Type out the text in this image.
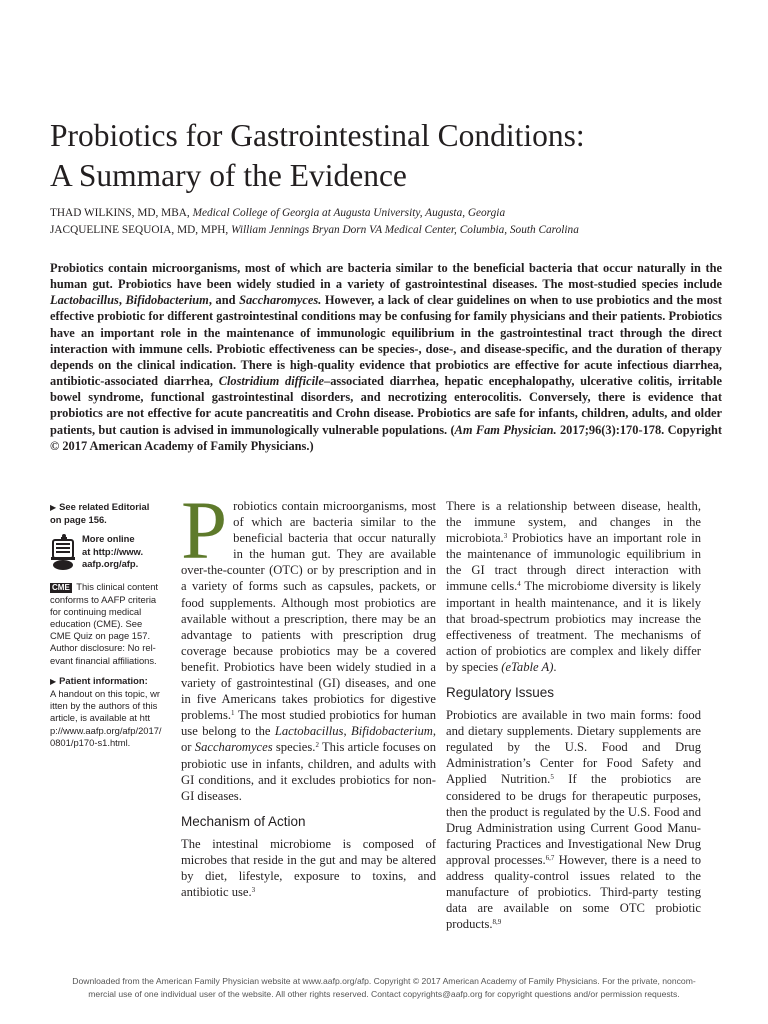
Probiotics for Gastrointestinal Conditions:
A Summary of the Evidence
THAD WILKINS, MD, MBA, Medical College of Georgia at Augusta University, Augusta, Georgia
JACQUELINE SEQUOIA, MD, MPH, William Jennings Bryan Dorn VA Medical Center, Columbia, South Carolina

Probiotics contain microorganisms, most of which are bacteria similar to the beneficial bacteria that occur naturally in the human gut. Probiotics have been widely studied in a variety of gastrointestinal diseases. The most-studied species include Lactobacillus, Bifidobacterium, and Saccharomyces. However, a lack of clear guidelines on when to use probiotics and the most effective probiotic for different gastrointestinal conditions may be confusing for family physicians and their patients. Probiotics have an important role in the maintenance of immunologic equilibrium in the gastrointestinal tract through the direct interaction with immune cells. Probiotic effectiveness can be species-, dose-, and disease-specific, and the duration of therapy depends on the clinical indication. There is high-quality evidence that probiotics are effective for acute infectious diarrhea, antibiotic-associated diarrhea, Clostridium difficile–associated diarrhea, hepatic encephalopathy, ulcerative colitis, irritable bowel syndrome, functional gastrointestinal disorders, and necrotizing enterocolitis. Conversely, there is evidence that probiotics are not effective for acute pancreatitis and Crohn disease. Probiotics are safe for infants, children, adults, and older patients, but caution is advised in immunologically vulnerable populations. (Am Fam Physician. 2017;96(3):170-178. Copyright © 2017 American Academy of Family Physicians.)

▶ See related Editorial on page 156.
More online
at http://www.
aafp.org/afp.
CME This clinical content conforms to AAFP criteria for continuing medical education (CME). See CME Quiz on page 157. Author disclosure: No relevant financial affiliations.
▶ Patient information:
A handout on this topic, written by the authors of this article, is available at http://www.aafp.org/afp/2017/0801/p170-s1.html.

Probiotics contain microorganisms, most of which are bacteria similar to the beneficial bacteria that occur naturally in the human gut. They are available over-the-counter (OTC) or by prescription and in a variety of forms such as capsules, packets, or food supplements. Although most probiotics are available without a prescription, there may be an advantage to patients with prescription drug coverage because probiotics may be a covered benefit. Probiotics have been widely studied in a variety of gastrointestinal (GI) diseases, and one in five Americans takes probiotics for digestive problems.$^1$ The most studied probiotics for human use belong to the Lactobacillus, Bifidobacterium, or Saccharomyces species.$^2$ This article focuses on probiotic use in infants, children, and adults with GI conditions, and it excludes probiotics for non-GI diseases.

Mechanism of Action

The intestinal microbiome is composed of microbes that reside in the gut and may be altered by diet, lifestyle, exposure to toxins, and antibiotic use.$^3$

There is a relationship between disease, health, the immune system, and changes in the microbiota.$^3$ Probiotics have an important role in the maintenance of immunologic equilibrium in the GI tract through direct interaction with immune cells.$^4$ The microbiome diversity is likely important in health maintenance, and it is likely that broad-spectrum probiotics may increase the effectiveness of treatment. The mechanisms of action of probiotics are complex and likely differ by species (eTable A).

Regulatory Issues

Probiotics are available in two main forms: food and dietary supplements. Dietary supplements are regulated by the U.S. Food and Drug Administration’s Center for Food Safety and Applied Nutrition.$^5$ If the probiotics are considered to be drugs for therapeutic purposes, then the product is regulated by the U.S. Food and Drug Administration using Current Good Manufacturing Practices and Investigational New Drug approval processes.$^{6,7}$ However, there is a need to address quality-control issues related to the manufacture of probiotics. Third-party testing data are available on some OTC probiotic products.$^{8,9}$

Downloaded from the American Family Physician website at www.aafp.org/afp. Copyright © 2017 American Academy of Family Physicians. For the private, noncom-
mercial use of one individual user of the website. All other rights reserved. Contact copyrights@aafp.org for copyright questions and/or permission requests.
